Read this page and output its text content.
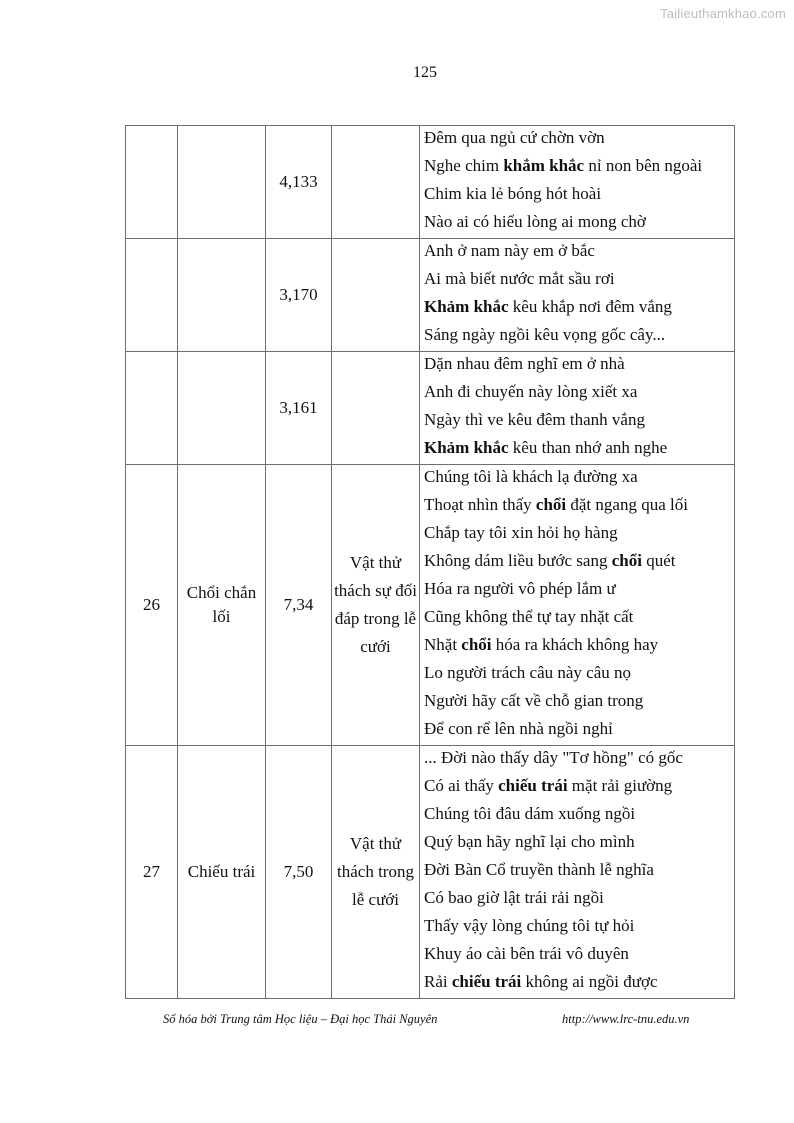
Tailieuthamkhao.com
125
		4,133		Đêm qua ngủ cứ chờn vờn
Nghe chim khắm khắc nỉ non bên ngoài
Chim kia lẻ bóng hót hoài
Nào ai có hiểu lòng ai mong chờ

		3,170		Anh ở nam này em ở bắc
Ai mà biết nước mắt sầu rơi
Khảm khắc kêu khắp nơi đêm vắng
Sáng ngày ngồi kêu vọng gốc cây...

		3,161		Dặn nhau đêm nghĩ em ở nhà
Anh đi chuyến này lòng xiết xa
Ngày thì ve kêu đêm thanh vắng
Khảm khắc kêu than nhớ anh nghe

26	Chổi chắn lối	7,34	Vật thử thách sự đối đáp trong lễ cưới	
Chúng tôi là khách lạ đường xa
Thoạt nhìn thấy chổi đặt ngang qua lối
Chắp tay tôi xin hỏi họ hàng
Không dám liều bước sang chổi quét
Hóa ra người vô phép lắm ư
Cũng không thể tự tay nhặt cất
Nhặt chổi hóa ra khách không hay
Lo người trách câu này câu nọ
Người hãy cất về chỗ gian trong
Để con rể lên nhà ngồi nghỉ

27	Chiếu trái	7,50	Vật thử thách trong lễ cưới	
... Đời nào thấy dây "Tơ hồng" có gốc
Có ai thấy chiếu trái mặt rải giường
Chúng tôi đâu dám xuống ngồi
Quý bạn hãy nghĩ lại cho mình
Đời Bàn Cổ truyền thành lễ nghĩa
Có bao giờ lật trái rải ngồi
Thấy vậy lòng chúng tôi tự hỏi
Khuy áo cài bên trái vô duyên
Rải chiếu trái không ai ngồi được
Số hóa bởi Trung tâm Học liệu – Đại học Thái Nguyên	http://www.lrc-tnu.edu.vn
